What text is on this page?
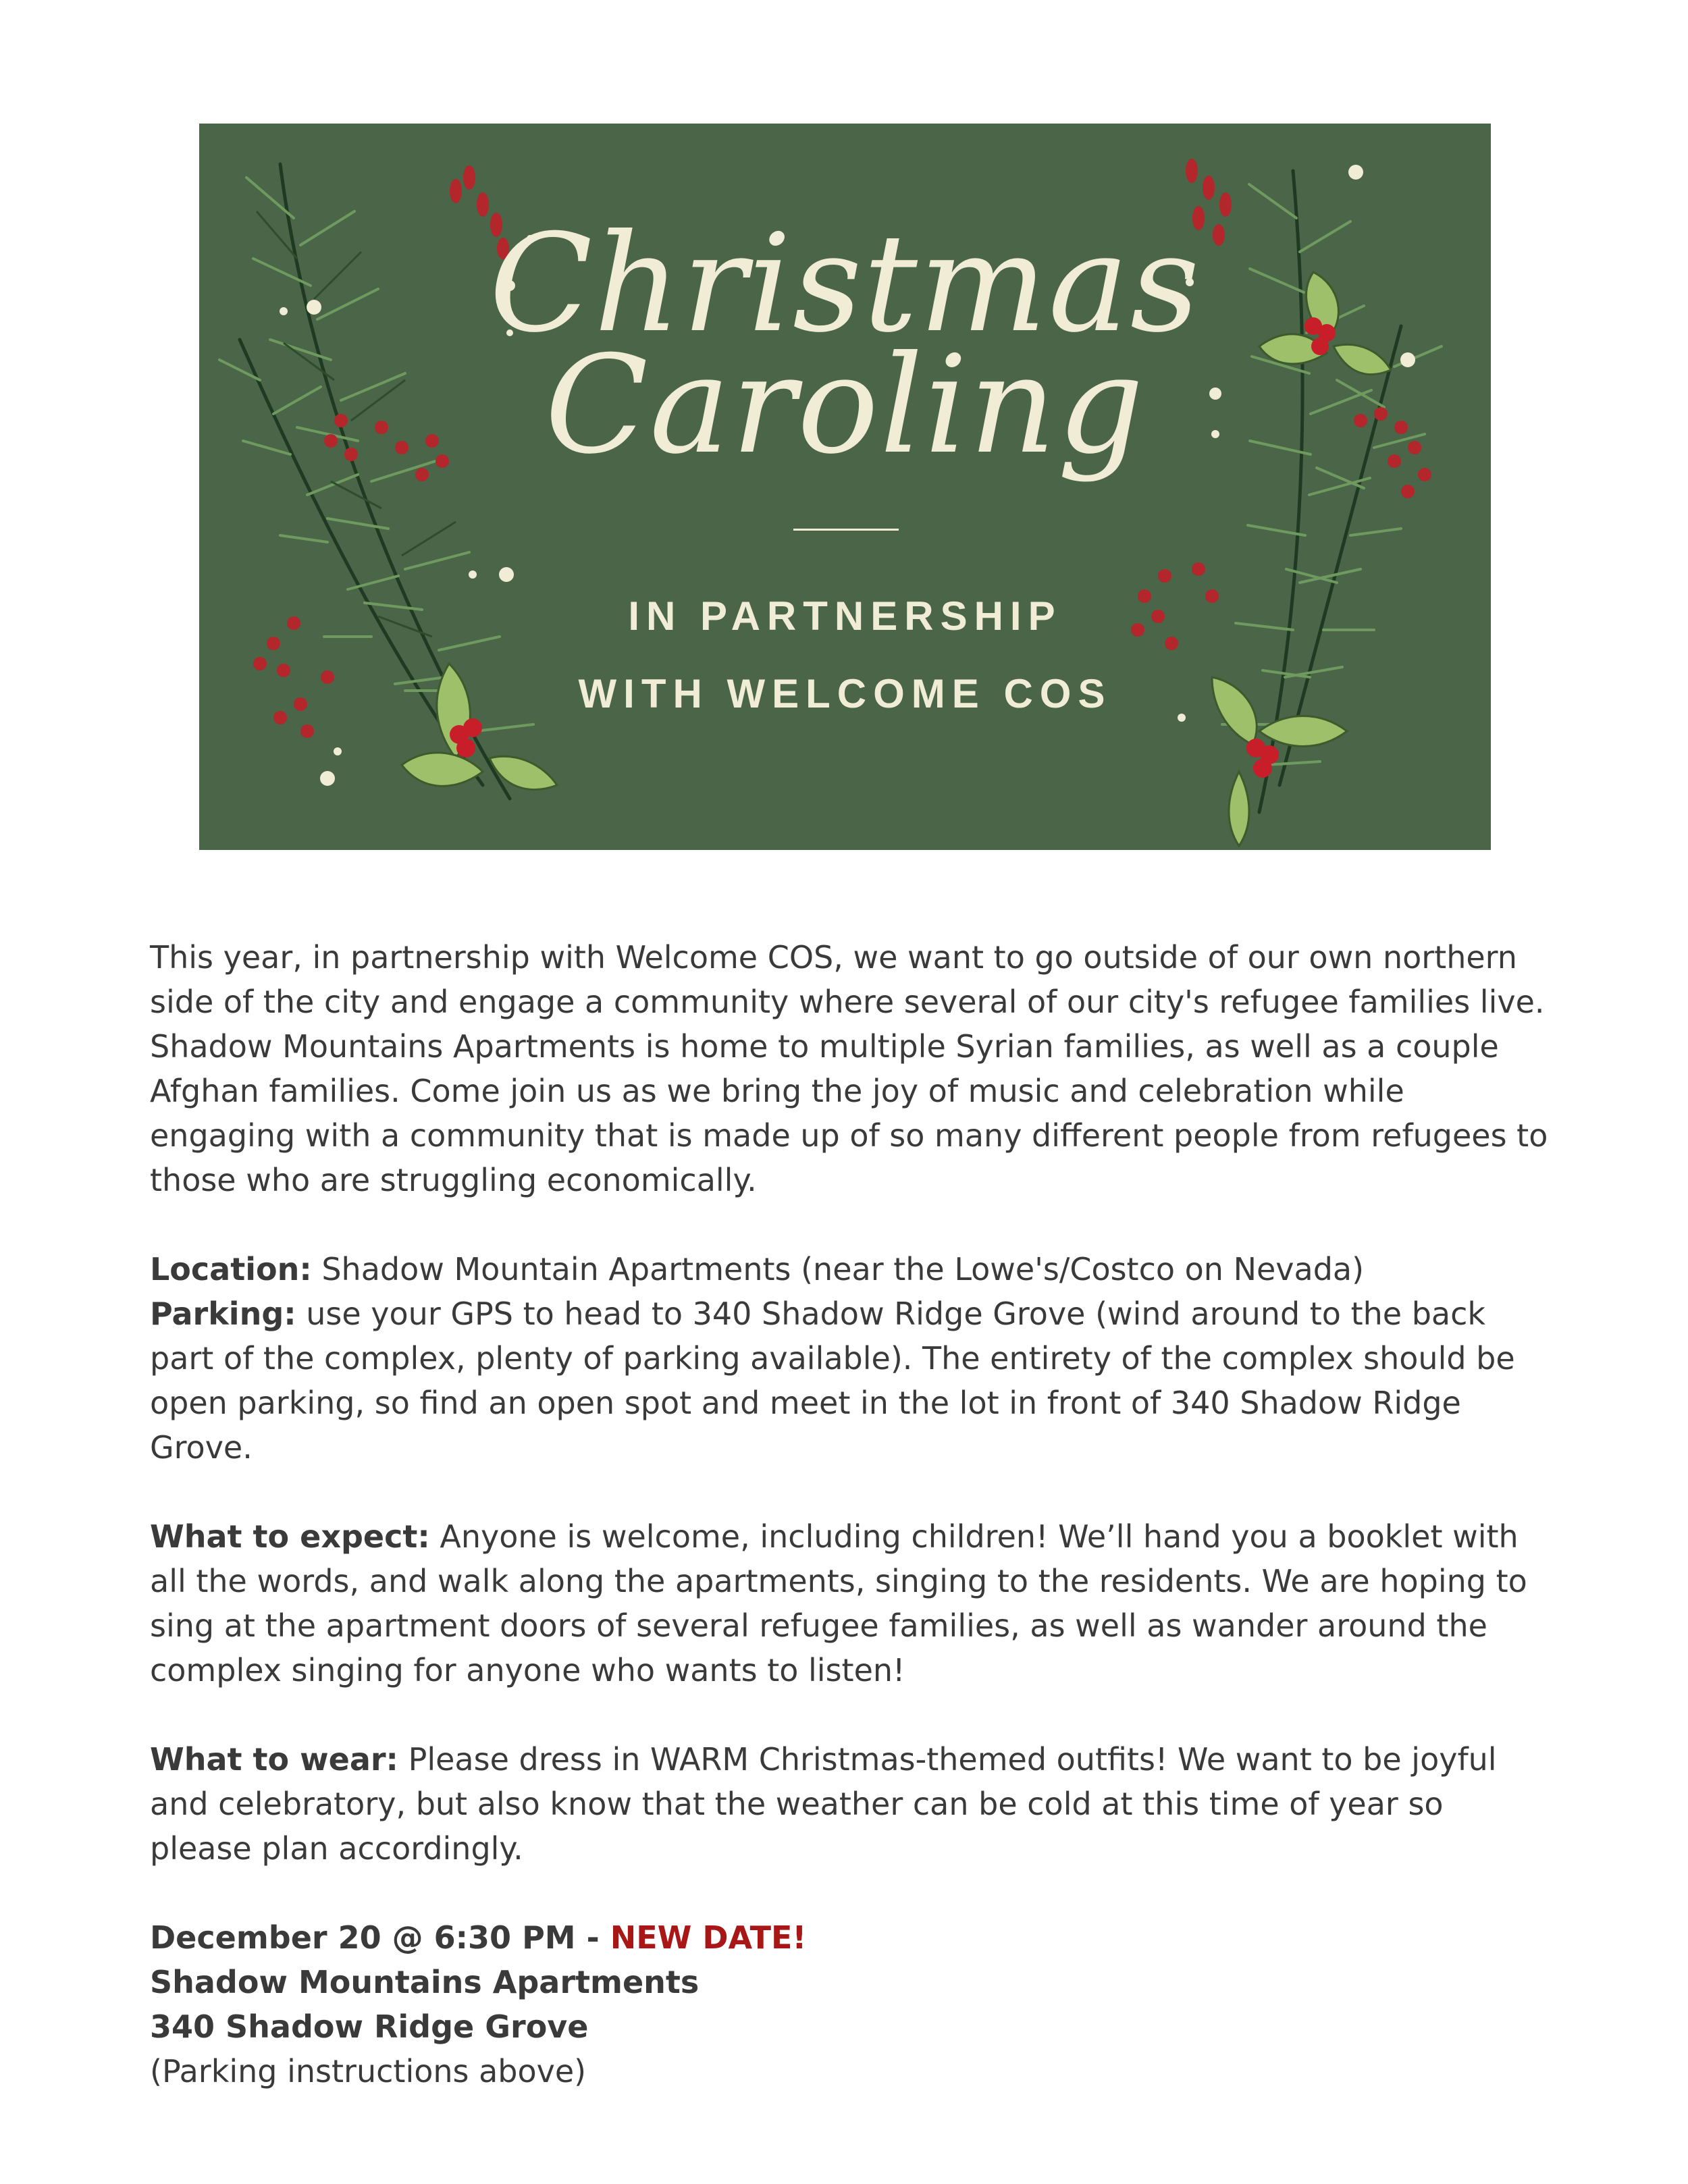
Christmas
Caroling
IN PARTNERSHIP
WITH WELCOME COS

This year, in partnership with Welcome COS, we want to go outside of our own northern side of the city and engage a community where several of our city's refugee families live. Shadow Mountains Apartments is home to multiple Syrian families, as well as a couple Afghan families. Come join us as we bring the joy of music and celebration while engaging with a community that is made up of so many different people from refugees to those who are struggling economically.

Location: Shadow Mountain Apartments (near the Lowe's/Costco on Nevada)
Parking: use your GPS to head to 340 Shadow Ridge Grove (wind around to the back part of the complex, plenty of parking available). The entirety of the complex should be open parking, so find an open spot and meet in the lot in front of 340 Shadow Ridge Grove.

What to expect: Anyone is welcome, including children! We’ll hand you a booklet with all the words, and walk along the apartments, singing to the residents. We are hoping to sing at the apartment doors of several refugee families, as well as wander around the complex singing for anyone who wants to listen!

What to wear: Please dress in WARM Christmas-themed outfits! We want to be joyful and celebratory, but also know that the weather can be cold at this time of year so please plan accordingly.

December 20 @ 6:30 PM - NEW DATE!
Shadow Mountains Apartments
340 Shadow Ridge Grove
(Parking instructions above)
